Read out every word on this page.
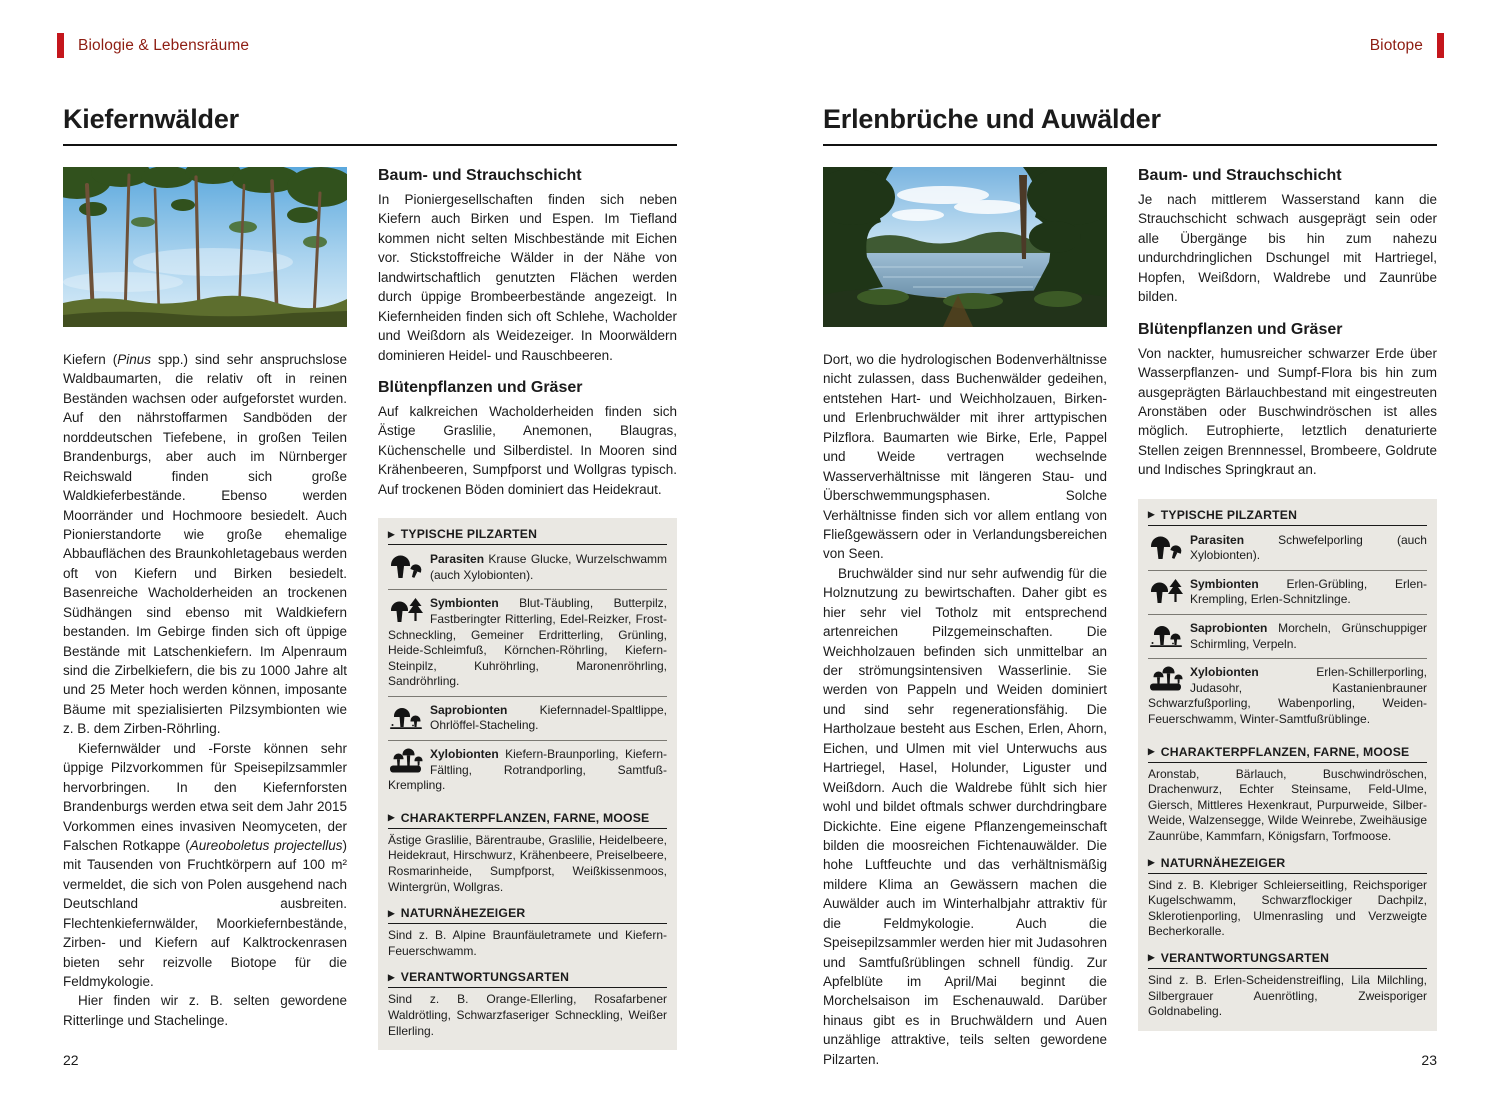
Biologie & Lebensräume	Biotope
Kiefernwälder

Kiefern (Pinus spp.) sind sehr anspruchslose Waldbaumarten, die relativ oft in reinen Beständen wachsen oder aufgeforstet wurden. Auf den nährstoffarmen Sandböden der norddeutschen Tiefebene, in großen Teilen Brandenburgs, aber auch im Nürnberger Reichswald finden sich große Waldkieferbestände. Ebenso werden Moorränder und Hochmoore besiedelt. Auch Pionierstandorte wie große ehemalige Abbauflächen des Braunkohletagebaus werden oft von Kiefern und Birken besiedelt. Basenreiche Wacholderheiden an trockenen Südhängen sind ebenso mit Waldkiefern bestanden. Im Gebirge finden sich oft üppige Bestände mit Latschenkiefern. Im Alpenraum sind die Zirbelkiefern, die bis zu 1000 Jahre alt und 25 Meter hoch werden können, imposante Bäume mit spezialisierten Pilzsymbionten wie z. B. dem Zirben-Röhrling.

Kiefernwälder und -Forste können sehr üppige Pilzvorkommen für Speisepilzsammler hervorbringen. In den Kiefernforsten Brandenburgs werden etwa seit dem Jahr 2015 Vorkommen eines invasiven Neomyceten, der Falschen Rotkappe (Aureoboletus projectellus) mit Tausenden von Fruchtkörpern auf 100 m² vermeldet, die sich von Polen ausgehend nach Deutschland ausbreiten. Flechtenkiefernwälder, Moorkiefernbestände, Zirben- und Kiefern auf Kalktrockenrasen bieten sehr reizvolle Biotope für die Feldmykologie.

Hier finden wir z. B. selten gewordene Ritterlinge und Stachelinge.

Baum- und Strauchschicht

In Pioniergesellschaften finden sich neben Kiefern auch Birken und Espen. Im Tiefland kommen nicht selten Mischbestände mit Eichen vor. Stickstoffreiche Wälder in der Nähe von landwirtschaftlich genutzten Flächen werden durch üppige Brombeerbestände angezeigt. In Kiefernheiden finden sich oft Schlehe, Wacholder und Weißdorn als Weidezeiger. In Moorwäldern dominieren Heidel- und Rauschbeeren.

Blütenpflanzen und Gräser

Auf kalkreichen Wacholderheiden finden sich Ästige Graslilie, Anemonen, Blaugras, Küchenschelle und Silberdistel. In Mooren sind Krähenbeeren, Sumpfporst und Wollgras typisch. Auf trockenen Böden dominiert das Heidekraut.

▶ TYPISCHE PILZARTEN

Parasiten Krause Glucke, Wurzelschwamm (auch Xylobionten).

Symbionten Blut-Täubling, Butterpilz, Fastberingter Ritterling, Edel-Reizker, Frost-Schneckling, Gemeiner Erdritterling, Grünling, Heide-Schleimfuß, Körnchen-Röhrling, Kiefern-Steinpilz, Kuhröhrling, Maronenröhrling, Sandröhrling.

Saprobionten	Kiefernnadel-Spaltlippe, Ohrlöffel-Stacheling.

Xylobionten Kiefern-Braunporling, Kiefern-Fältling, Rotrandporling, Samtfuß-Krempling.

▶ CHARAKTERPFLANZEN, FARNE, MOOSE

Ästige Graslilie, Bärentraube, Graslilie, Heidelbeere, Heidekraut, Hirschwurz, Krähenbeere, Preiselbeere, Rosmarinheide, Sumpfporst, Weißkissenmoos, Wintergrün, Wollgras.

▶ NATURNÄHEZEIGER

Sind z. B. Alpine Braunfäuletramete und Kiefern-Feuerschwamm.

▶ VERANTWORTUNGSARTEN

Sind z. B. Orange-Ellerling, Rosafarbener Waldrötling, Schwarzfaseriger Schneckling, Weißer Ellerling.

22
Erlenbrüche und Auwälder

Dort, wo die hydrologischen Bodenverhältnisse nicht zulassen, dass Buchenwälder gedeihen, entstehen Hart- und Weichholzauen, Birken- und Erlenbruchwälder mit ihrer arttypischen Pilzflora. Baumarten wie Birke, Erle, Pappel und Weide vertragen wechselnde Wasserverhältnisse mit längeren Stau- und Überschwemmungsphasen. Solche Verhältnisse finden sich vor allem entlang von Fließgewässern oder in Verlandungsbereichen von Seen.

Bruchwälder sind nur sehr aufwendig für die Holznutzung zu bewirtschaften. Daher gibt es hier sehr viel Totholz mit entsprechend artenreichen Pilzgemeinschaften. Die Weichholzauen befinden sich unmittelbar an der strömungsintensiven Wasserlinie. Sie werden von Pappeln und Weiden dominiert und sind sehr regenerationsfähig. Die Hartholzaue besteht aus Eschen, Erlen, Ahorn, Eichen, und Ulmen mit viel Unterwuchs aus Hartriegel, Hasel, Holunder, Liguster und Weißdorn. Auch die Waldrebe fühlt sich hier wohl und bildet oftmals schwer durchdringbare Dickichte. Eine eigene Pflanzengemeinschaft bilden die moosreichen Fichtenauwälder. Die hohe Luftfeuchte und das verhältnismäßig mildere Klima an Gewässern machen die Auwälder auch im Winterhalbjahr attraktiv für die Feldmykologie. Auch die Speisepilzsammler werden hier mit Judasohren und Samtfußrüblingen schnell fündig. Zur Apfelblüte im April/Mai beginnt die Morchelsaison im Eschenauwald. Darüber hinaus gibt es in Bruchwäldern und Auen unzählige attraktive, teils selten gewordene Pilzarten.

Baum- und Strauchschicht

Je nach mittlerem Wasserstand kann die Strauchschicht schwach ausgeprägt sein oder alle Übergänge bis hin zum nahezu undurchdringlichen Dschungel mit Hartriegel, Hopfen, Weißdorn, Waldrebe und Zaunrübe bilden.

Blütenpflanzen und Gräser

Von nackter, humusreicher schwarzer Erde über Wasserpflanzen- und Sumpf-Flora bis hin zum ausgeprägten Bärlauchbestand mit eingestreuten Aronstäben oder Buschwindröschen ist alles möglich. Eutrophierte, letztlich denaturierte Stellen zeigen Brennnessel, Brombeere, Goldrute und Indisches Springkraut an.

▶ TYPISCHE PILZARTEN

Parasiten	Schwefelporling (auch Xylobionten).

Symbionten Erlen-Grübling, Erlen-Krempling, Erlen-Schnitzlinge.

Saprobionten Morcheln, Grünschuppiger Schirmling, Verpeln.

Xylobionten	Erlen-Schillerporling, Judasohr, Kastanienbrauner Schwarzfußporling, Wabenporling, Weiden-Feuerschwamm, Winter-Samtfußrüblinge.

▶ CHARAKTERPFLANZEN, FARNE, MOOSE

Aronstab, Bärlauch, Buschwindröschen, Drachenwurz, Echter Steinsame, Feld-Ulme, Giersch, Mittleres Hexenkraut, Purpurweide, Silber-Weide, Walzensegge, Wilde Weinrebe, Zweihäusige Zaunrübe, Kammfarn, Königsfarn, Torfmoose.

▶ NATURNÄHEZEIGER

Sind z. B. Klebriger Schleierseitling, Reichsporiger Kugelschwamm, Schwarzflockiger Dachpilz, Sklerotienporling, Ulmenrasling und Verzweigte Becherkoralle.

▶ VERANTWORTUNGSARTEN

Sind z. B. Erlen-Scheidenstreifling, Lila Milchling, Silbergrauer Auenrötling, Zweisporiger Goldnabeling.

23
